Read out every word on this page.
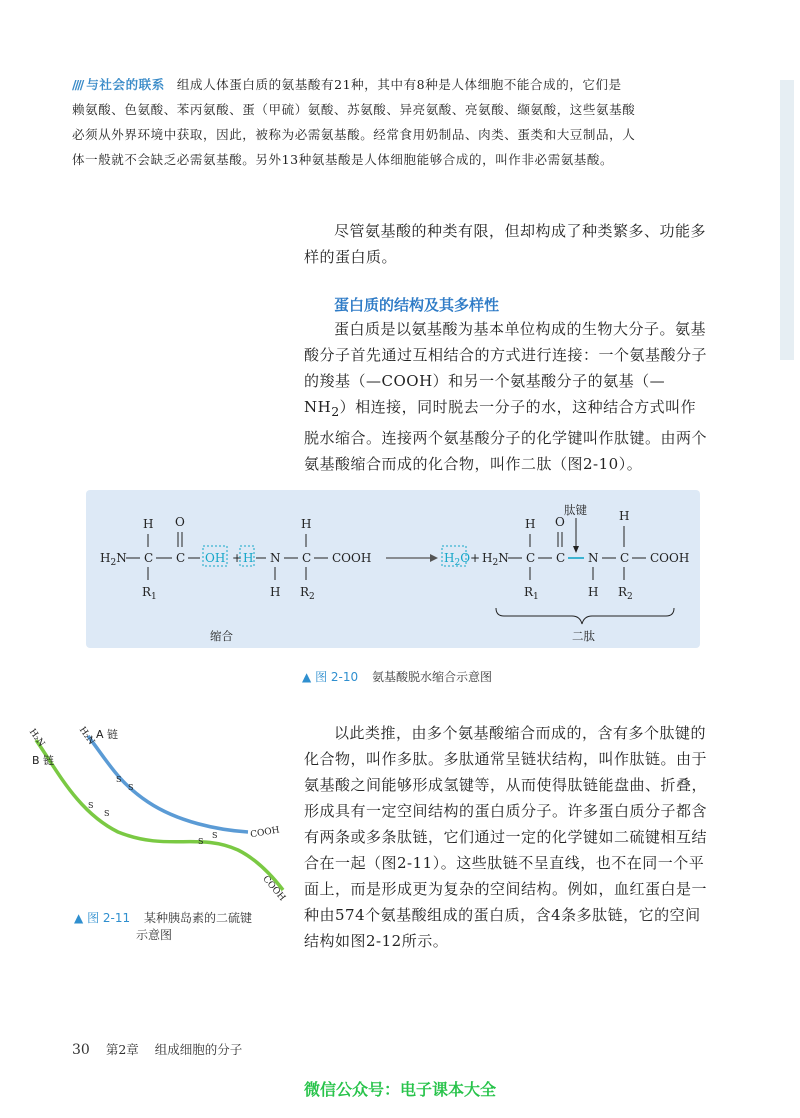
//// 与社会的联系 组成人体蛋白质的氨基酸有21种，其中有8种是人体细胞不能合成的，它们是

赖氨酸、色氨酸、苯丙氨酸、蛋（甲硫）氨酸、苏氨酸、异亮氨酸、亮氨酸、缬氨酸，这些氨基酸

必须从外界环境中获取，因此，被称为必需氨基酸。经常食用奶制品、肉类、蛋类和大豆制品，人

体一般就不会缺乏必需氨基酸。另外13种氨基酸是人体细胞能够合成的，叫作非必需氨基酸。

尽管氨基酸的种类有限，但却构成了种类繁多、功能多样的蛋白质。

蛋白质的结构及其多样性

蛋白质是以氨基酸为基本单位构成的生物大分子。氨基酸分子首先通过互相结合的方式进行连接：一个氨基酸分子的羧基（—COOH）和另一个氨基酸分子的氨基$(—NH_2)$相连接，同时脱去一分子的水，这种结合方式叫作脱水缩合。连接两个氨基酸分子的化学键叫作肽键。由两个氨基酸缩合而成的化合物，叫作二肽（图2-10）。

$H_2N$ C
H
$R_1$
C
O
OH + H N
H
C
H
$R_2$
COOH	$H_2O + H_2N$ C
H
$R_1$
C
O
肽键
N
H
C
H
$R_2$
COOH
缩合	二肽
▲ 图 2-10 氨基酸脱水缩合示意图
H₂N	H₂N A 链
B 链
S
S
S
S
S
S	COOH
COOH
▲ 图 2-11 某种胰岛素的二硫键
示意图

以此类推，由多个氨基酸缩合而成的，含有多个肽键的化合物，叫作多肽。多肽通常呈链状结构，叫作肽链。由于氨基酸之间能够形成氢键等，从而使得肽链能盘曲、折叠，形成具有一定空间结构的蛋白质分子。许多蛋白质分子都含有两条或多条肽链，它们通过一定的化学键如二硫键相互结合在一起（图2-11）。这些肽链不呈直线，也不在同一个平面上，而是形成更为复杂的空间结构。例如，血红蛋白是一种由574个氨基酸组成的蛋白质，含4条多肽链，它的空间结构如图2-12所示。

30 第2章 组成细胞的分子
微信公众号：电子课本大全
